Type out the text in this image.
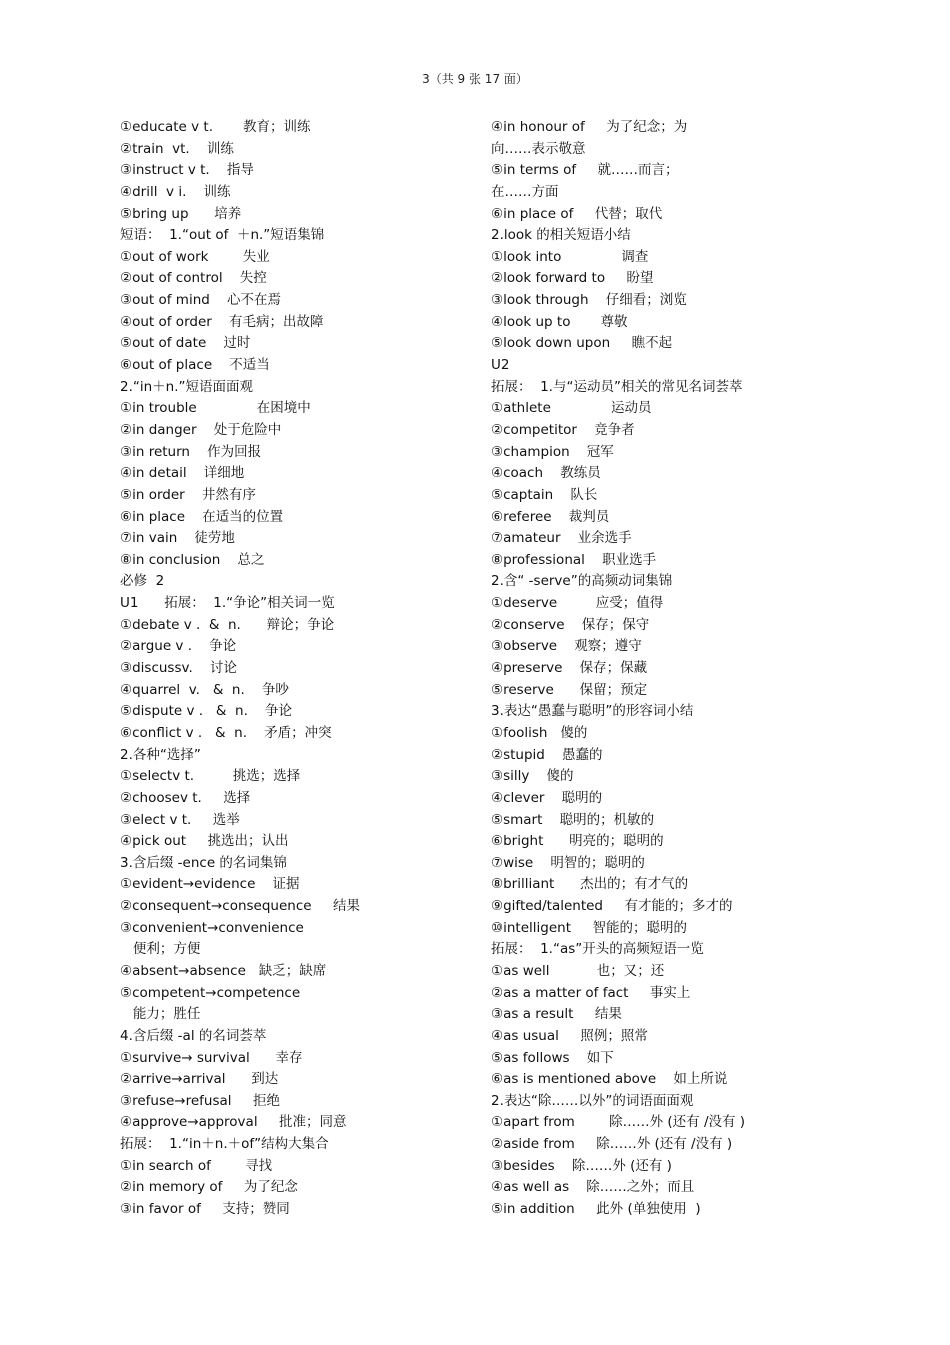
3（共 9 张 17 面）
①educate v t.       教育；训练
②train  vt.    训练
③instruct v t.    指导
④drill  v i.    训练
⑤bring up      培养
短语：  1.“out of  ＋n.”短语集锦
①out of work        失业
②out of control    失控
③out of mind    心不在焉
④out of order    有毛病；出故障
⑤out of date    过时
⑥out of place    不适当
2.“in＋n.”短语面面观
①in trouble              在困境中
②in danger    处于危险中
③in return    作为回报
④in detail    详细地
⑤in order    井然有序
⑥in place    在适当的位置
⑦in vain    徒劳地
⑧in conclusion    总之
必修  2
U1      拓展：  1.“争论”相关词一览
①debate v .  &  n.      辩论；争论
②argue v .    争论
③discussv.    讨论
④quarrel  v.   &  n.    争吵
⑤dispute v .   &  n.    争论
⑥conflict v .   &  n.    矛盾；冲突
2.各种“选择”
①selectv t.         挑选；选择
②choosev t.     选择
③elect v t.     选举
④pick out     挑选出；认出
3.含后缀 -ence 的名词集锦
①evident→evidence    证据
②consequent→consequence     结果
③convenient→convenience
便利；方便
④absent→absence   缺乏；缺席
⑤competent→competence
能力；胜任
4.含后缀 -al 的名词荟萃
①survive→ survival      幸存
②arrive→arrival      到达
③refuse→refusal     拒绝
④approve→approval     批准；同意
拓展：  1.“in＋n.＋of”结构大集合
①in search of        寻找
②in memory of     为了纪念
③in favor of     支持；赞同
④in honour of     为了纪念；为
向……表示敬意
⑤in terms of     就……而言；
在……方面
⑥in place of     代替；取代
2.look 的相关短语小结
①look into              调查
②look forward to     盼望
③look through    仔细看；浏览
④look up to       尊敬
⑤look down upon     瞧不起
U2
拓展：  1.与“运动员”相关的常见名词荟萃
①athlete              运动员
②competitor    竞争者
③champion    冠军
④coach    教练员
⑤captain    队长
⑥referee    裁判员
⑦amateur    业余选手
⑧professional    职业选手
2.含“ -serve”的高频动词集锦
①deserve         应受；值得
②conserve    保存；保守
③observe    观察；遵守
④preserve    保存；保藏
⑤reserve      保留；预定
3.表达“愚蠢与聪明”的形容词小结
①foolish   傻的
②stupid    愚蠢的
③silly    傻的
④clever    聪明的
⑤smart    聪明的；机敏的
⑥bright      明亮的；聪明的
⑦wise    明智的；聪明的
⑧brilliant      杰出的；有才气的
⑨gifted/talented     有才能的；多才的
⑩intelligent     智能的；聪明的
拓展：  1.“as”开头的高频短语一览
①as well           也；又；还
②as a matter of fact     事实上
③as a result     结果
④as usual     照例；照常
⑤as follows    如下
⑥as is mentioned above    如上所说
2.表达“除……以外”的词语面面观
①apart from        除……外 (还有 /没有 )
②aside from     除……外 (还有 /没有 )
③besides    除……外 (还有 )
④as well as    除……之外；而且
⑤in addition     此外 (单独使用  )
